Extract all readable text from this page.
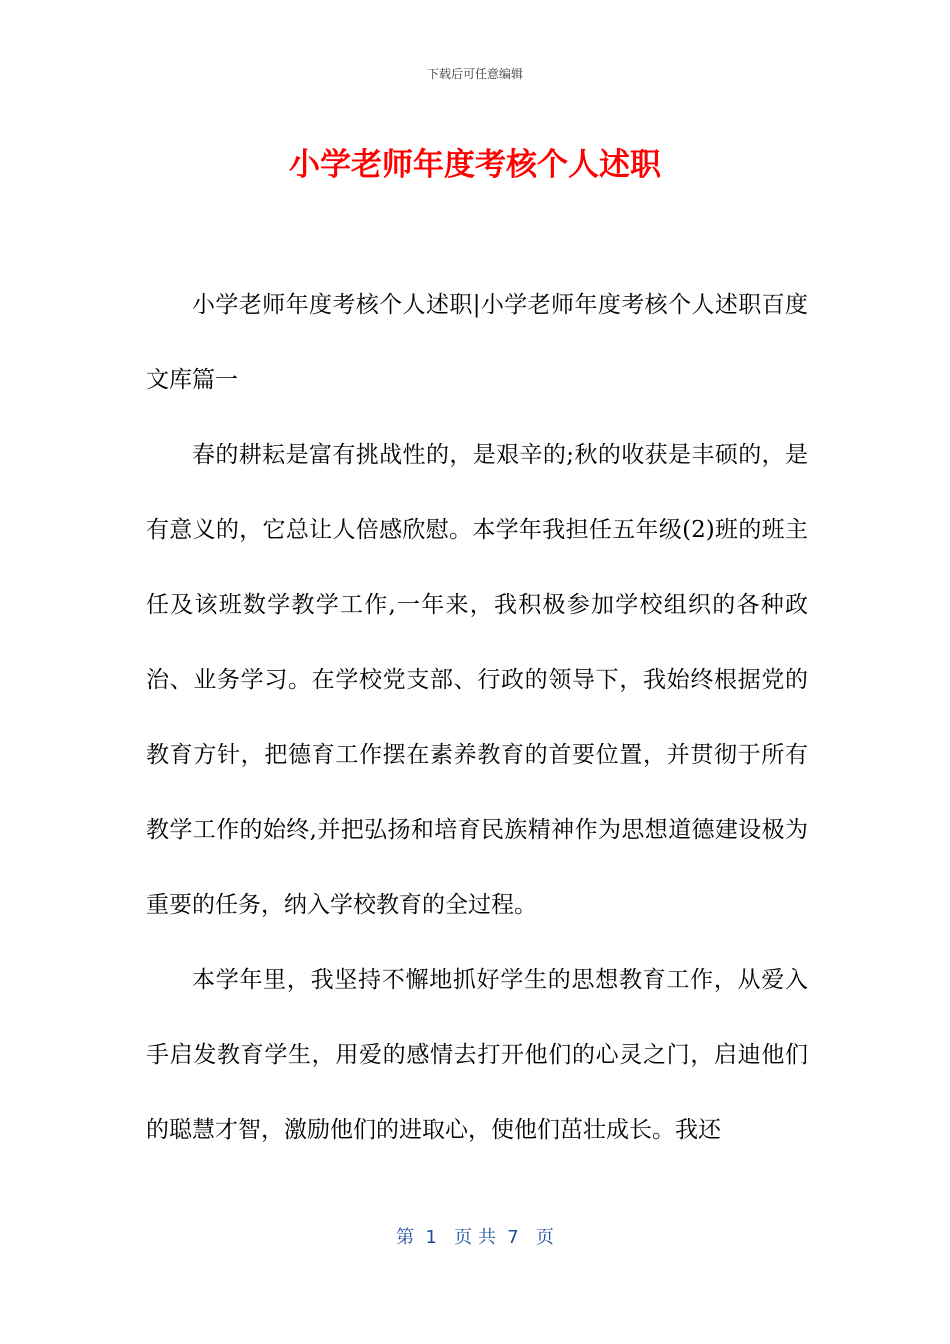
下载后可任意编辑
小学老师年度考核个人述职

小学老师年度考核个人述职|小学老师年度考核个人述职百度文库篇一

春的耕耘是富有挑战性的，是艰辛的;秋的收获是丰硕的，是有意义的，它总让人倍感欣慰。本学年我担任五年级(2)班的班主任及该班数学教学工作,一年来，我积极参加学校组织的各种政治、业务学习。在学校党支部、行政的领导下，我始终根据党的教育方针，把德育工作摆在素养教育的首要位置，并贯彻于所有教学工作的始终,并把弘扬和培育民族精神作为思想道德建设极为重要的任务，纳入学校教育的全过程。

本学年里，我坚持不懈地抓好学生的思想教育工作，从爱入手启发教育学生，用爱的感情去打开他们的心灵之门，启迪他们的聪慧才智，激励他们的进取心，使他们茁壮成长。我还

第  1   页 共  7   页
